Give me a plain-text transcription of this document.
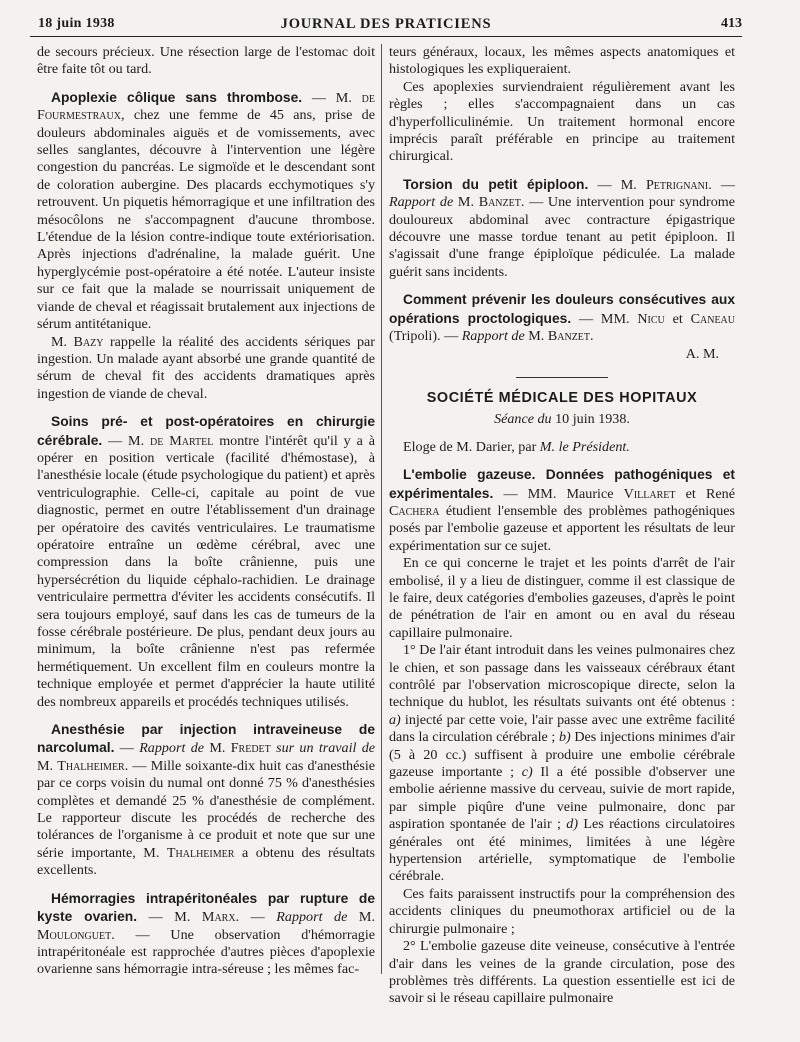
18 juin 1938	JOURNAL DES PRATICIENS	413

de secours précieux. Une résection large de l'estomac doit être faite tôt ou tard.

Apoplexie côlique sans thrombose. — M. de Fourmestraux, chez une femme de 45 ans, prise de douleurs abdominales aiguës et de vomissements, avec selles sanglantes, découvre à l'intervention une légère congestion du pancréas. Le sigmoïde et le descendant sont de coloration aubergine. Des placards ecchymotiques s'y retrouvent. Un piquetis hémorragique et une infiltration des mésocôlons ne s'accompagnent d'aucune thrombose. L'étendue de la lésion contre-indique toute extériorisation. Après injections d'adrénaline, la malade guérit. Une hyperglycémie post-opératoire a été notée. L'auteur insiste sur ce fait que la malade se nourrissait uniquement de viande de cheval et réagissait brutalement aux injections de sérum antitétanique.

M. Bazy rappelle la réalité des accidents sériques par ingestion. Un malade ayant absorbé une grande quantité de sérum de cheval fit des accidents dramatiques après ingestion de viande de cheval.

Soins pré- et post-opératoires en chirurgie cérébrale. — M. de Martel montre l'intérêt qu'il y a à opérer en position verticale (facilité d'hémostase), à l'anesthésie locale (étude psychologique du patient) et après ventriculographie. Celle-ci, capitale au point de vue diagnostic, permet en outre l'établissement d'un drainage per opératoire des cavités ventriculaires. Le traumatisme opératoire entraîne un œdème cérébral, avec une compression dans la boîte crânienne, puis une hypersécrétion du liquide céphalo-rachidien. Le drainage ventriculaire permettra d'éviter les accidents consécutifs. Il sera toujours employé, sauf dans les cas de tumeurs de la fosse cérébrale postérieure. De plus, pendant deux jours au minimum, la boîte crânienne n'est pas refermée hermétiquement. Un excellent film en couleurs montre la technique employée et permet d'apprécier la haute utilité des nombreux appareils et procédés techniques utilisés.

Anesthésie par injection intraveineuse de narcolumal. — Rapport de M. Fredet sur un travail de M. Thalheimer. — Mille soixante-dix huit cas d'anesthésie par ce corps voisin du numal ont donné 75 % d'anesthésies complètes et demandé 25 % d'anesthésie de complément. Le rapporteur discute les procédés de recherche des tolérances de l'organisme à ce produit et note que sur une série importante, M. Thalheimer a obtenu des résultats excellents.

Hémorragies intrapéritonéales par rupture de kyste ovarien. — M. Marx. — Rapport de M. Moulonguet. — Une observation d'hémorragie intrapéritonéale est rapprochée d'autres pièces d'apoplexie ovarienne sans hémorragie intra-séreuse ; les mêmes fac-

teurs généraux, locaux, les mêmes aspects anatomiques et histologiques les expliqueraient.

Ces apoplexies surviendraient régulièrement avant les règles ; elles s'accompagnaient dans un cas d'hyperfolliculinémie. Un traitement hormonal encore imprécis paraît préférable en principe au traitement chirurgical.

Torsion du petit épiploon. — M. Petrignani. — Rapport de M. Banzet. — Une intervention pour syndrome douloureux abdominal avec contracture épigastrique découvre une masse tordue tenant au petit épiploon. Il s'agissait d'une frange épiploïque pédiculée. La malade guérit sans incidents.

Comment prévenir les douleurs consécutives aux opérations proctologiques. — MM. Nicu et Caneau (Tripoli). — Rapport de M. Banzet.

A. M.

SOCIÉTÉ MÉDICALE DES HOPITAUX

Séance du 10 juin 1938.

Eloge de M. Darier, par M. le Président.

L'embolie gazeuse. Données pathogéniques et expérimentales. — MM. Maurice Villaret et René Cachera étudient l'ensemble des problèmes pathogéniques posés par l'embolie gazeuse et apportent les résultats de leur expérimentation sur ce sujet.

En ce qui concerne le trajet et les points d'arrêt de l'air embolisé, il y a lieu de distinguer, comme il est classique de le faire, deux catégories d'embolies gazeuses, d'après le point de pénétration de l'air en amont ou en aval du réseau capillaire pulmonaire.

1° De l'air étant introduit dans les veines pulmonaires chez le chien, et son passage dans les vaisseaux cérébraux étant contrôlé par l'observation microscopique directe, selon la technique du hublot, les résultats suivants ont été obtenus : a) injecté par cette voie, l'air passe avec une extrême facilité dans la circulation cérébrale ; b) Des injections minimes d'air (5 à 20 cc.) suffisent à produire une embolie cérébrale gazeuse importante ; c) Il a été possible d'observer une embolie aérienne massive du cerveau, suivie de mort rapide, par simple piqûre d'une veine pulmonaire, donc par aspiration spontanée de l'air ; d) Les réactions circulatoires générales ont été minimes, limitées à une légère hypertension artérielle, symptomatique de l'embolie cérébrale.

Ces faits paraissent instructifs pour la compréhension des accidents cliniques du pneumothorax artificiel ou de la chirurgie pulmonaire ;

2° L'embolie gazeuse dite veineuse, consécutive à l'entrée d'air dans les veines de la grande circulation, pose des problèmes très différents. La question essentielle est ici de savoir si le réseau capillaire pulmonaire
